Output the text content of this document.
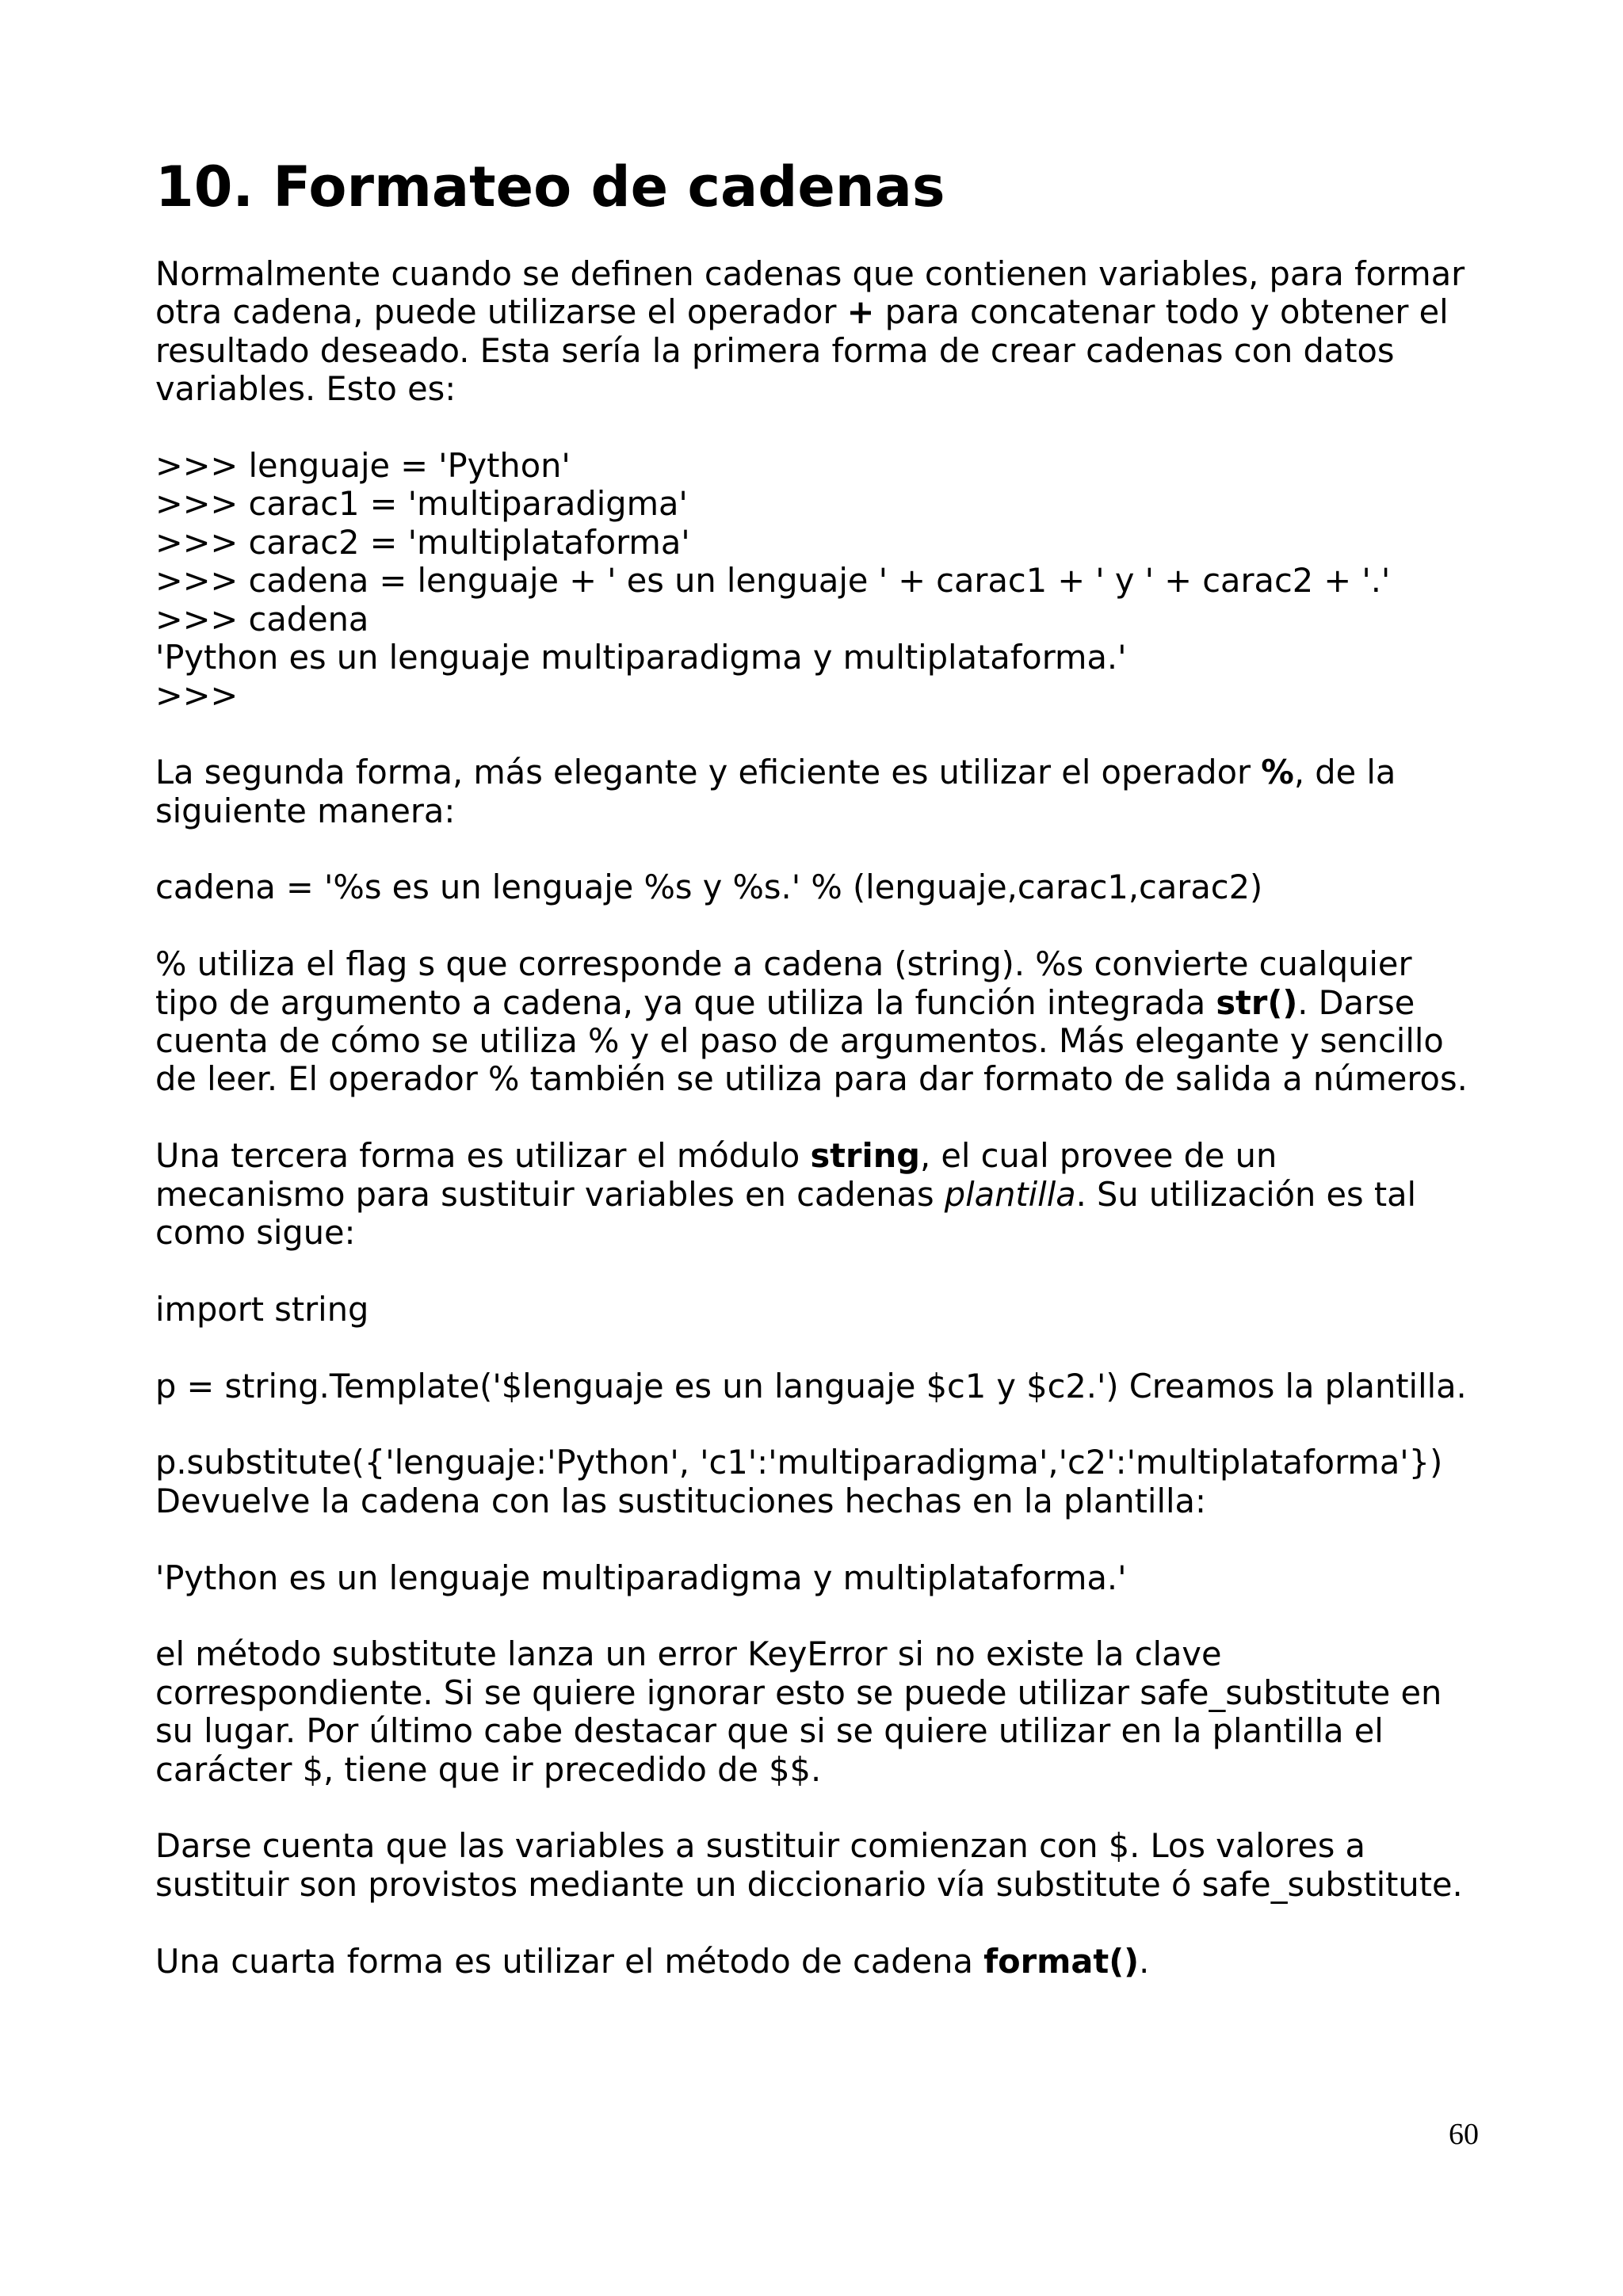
10. Formateo de cadenas

Normalmente cuando se definen cadenas que contienen variables, para formar

otra cadena, puede utilizarse el operador + para concatenar todo y obtener el

resultado deseado. Esta sería la primera forma de crear cadenas con datos

variables. Esto es:

>>> lenguaje = 'Python'

>>> carac1 = 'multiparadigma'

>>> carac2 = 'multiplataforma'

>>> cadena = lenguaje + ' es un lenguaje ' + carac1 + ' y ' + carac2 + '.'

>>> cadena

'Python es un lenguaje multiparadigma y multiplataforma.'

>>>

La segunda forma, más elegante y eficiente es utilizar el operador %, de la

siguiente manera:

cadena = '%s es un lenguaje %s y %s.' % (lenguaje,carac1,carac2)

% utiliza el flag s que corresponde a cadena (string). %s convierte cualquier

tipo de argumento a cadena, ya que utiliza la función integrada str(). Darse

cuenta de cómo se utiliza % y el paso de argumentos. Más elegante y sencillo

de leer. El operador % también se utiliza para dar formato de salida a números.

Una tercera forma es utilizar el módulo string, el cual provee de un

mecanismo para sustituir variables en cadenas plantilla. Su utilización es tal

como sigue:

import string

p = string.Template('$lenguaje es un languaje $c1 y $c2.') Creamos la plantilla.

p.substitute({'lenguaje:'Python', 'c1':'multiparadigma','c2':'multiplataforma'})

Devuelve la cadena con las sustituciones hechas en la plantilla:

'Python es un lenguaje multiparadigma y multiplataforma.'

el método substitute lanza un error KeyError si no existe la clave

correspondiente. Si se quiere ignorar esto se puede utilizar safe_substitute en

su lugar. Por último cabe destacar que si se quiere utilizar en la plantilla el

carácter $, tiene que ir precedido de $$.

Darse cuenta que las variables a sustituir comienzan con $. Los valores a

sustituir son provistos mediante un diccionario vía substitute ó safe_substitute.

Una cuarta forma es utilizar el método de cadena format().

60
